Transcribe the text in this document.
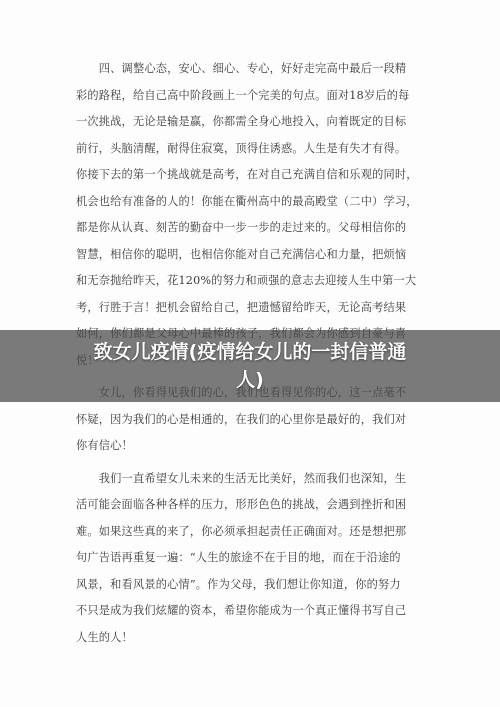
　　四、调整心态，安心、细心、专心，好好走完高中最后一段精
彩的路程，给自己高中阶段画上一个完美的句点。面对18岁后的每
一次挑战，无论是输是赢，你都需全身心地投入，向着既定的目标
前行，头脑清醒，耐得住寂寞，顶得住诱惑。人生是有失才有得。
你接下去的第一个挑战就是高考，在对自己充满自信和乐观的同时，
机会也给有准备的人的！你能在衢州高中的最高殿堂（二中）学习，
都是你从认真、刻苦的勤奋中一步一步的走过来的。父母相信你的
智慧，相信你的聪明，也相信你能对自己充满信心和力量，把烦恼
和无奈抛给昨天，花120%的努力和顽强的意志去迎接人生中第一大
考，行胜于言！把机会留给自己，把遗憾留给昨天，无论高考结果
怀疑，因为我们的心是相通的，在我们的心里你是最好的，我们对
你有信心！
　　我们一直希望女儿未来的生活无比美好，然而我们也深知，生
活可能会面临各种各样的压力，形形色色的挑战，会遇到挫折和困
难。如果这些真的来了，你必须承担起责任正确面对。还是想把那
句广告语再重复一遍：“人生的旅途不在于目的地，而在于沿途的
风景，和看风景的心情”。作为父母，我们想让你知道，你的努力
不只是成为我们炫耀的资本，希望你能成为一个真正懂得书写自己
人生的人！
致女儿疫情(疫情给女儿的一封信普通
人)
